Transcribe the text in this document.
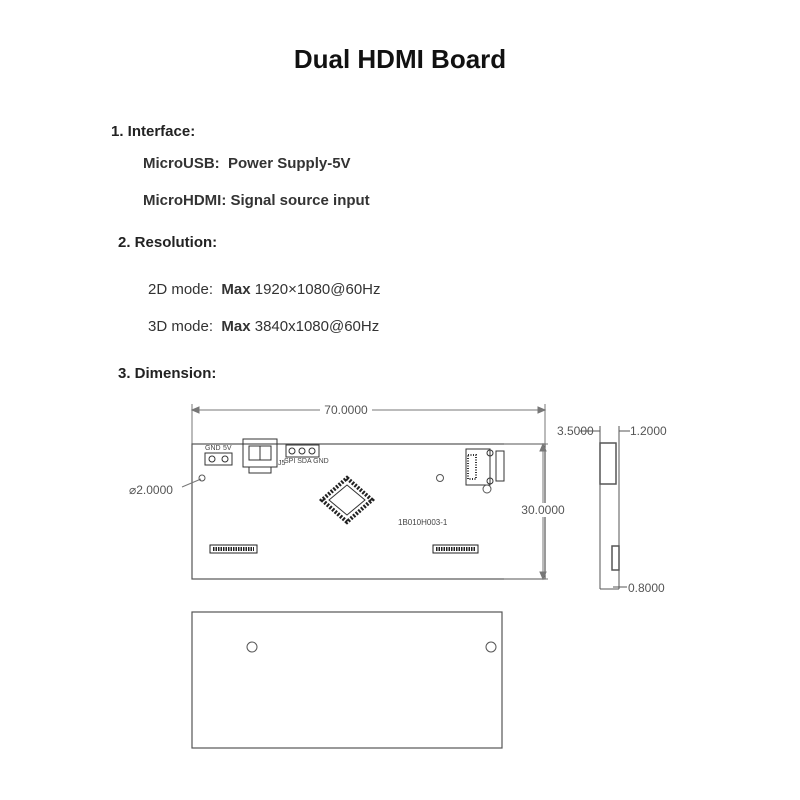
Dual HDMI Board
1. Interface:
MicroUSB: Power Supply-5V
MicroHDMI: Signal source input
2. Resolution:
2D mode: Max 1920×1080@60Hz
3D mode: Max 3840x1080@60Hz
3. Dimension:
70.0000
30.0000
⌀2.0000
GND 5V
SPI SDA GND
J5
1B010H003-1
3.5000	1.2000
0.8000
